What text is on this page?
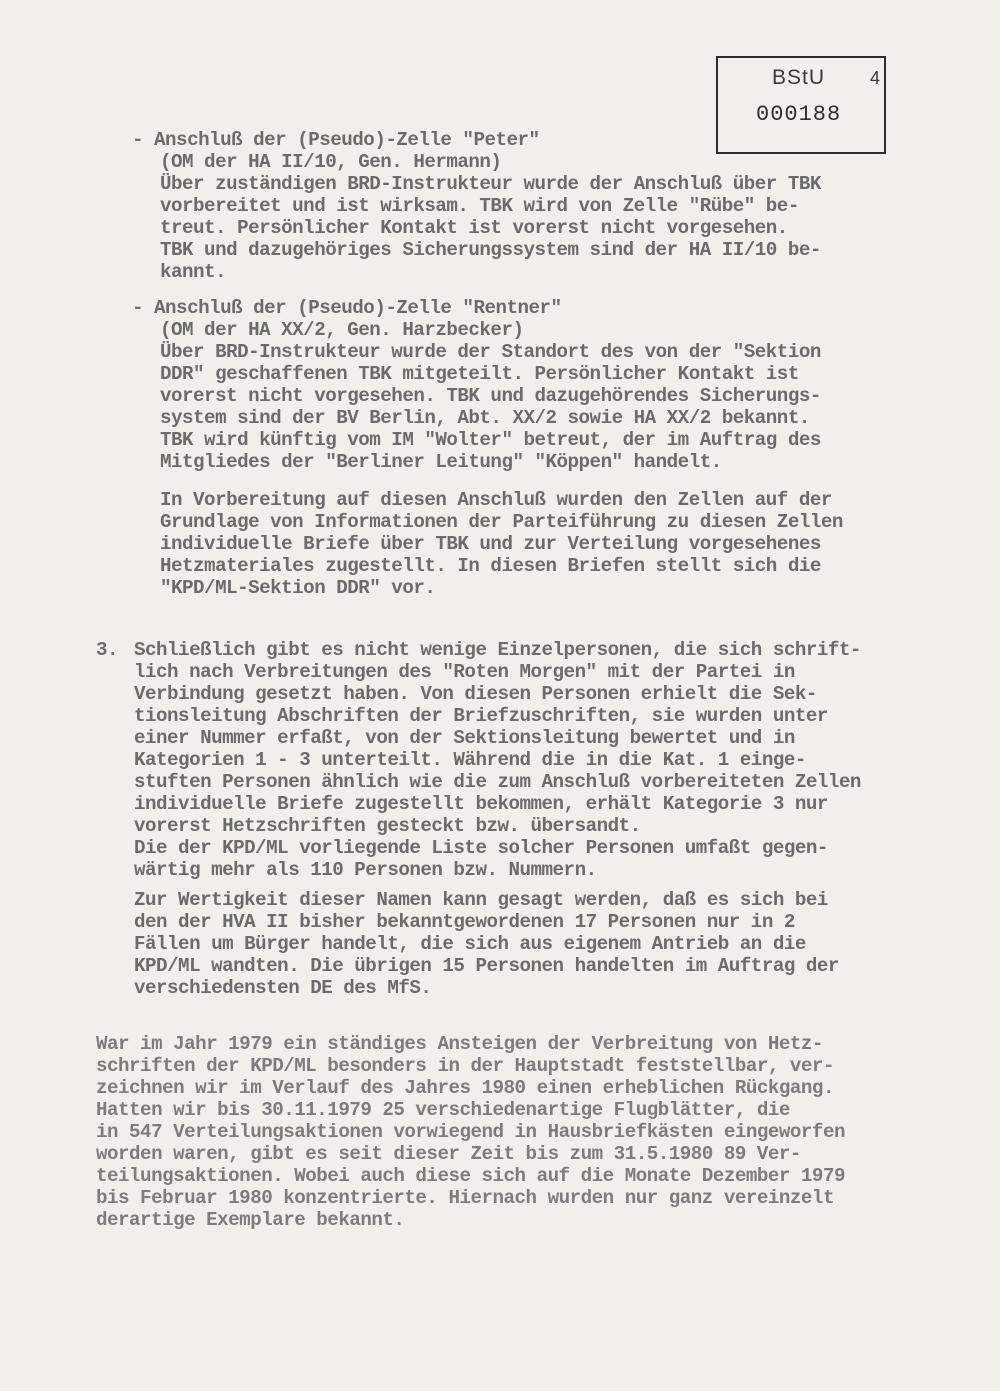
BStU 4
000188
- Anschluß der (Pseudo)-Zelle "Peter"
(OM der HA II/10, Gen. Hermann)
Über zuständigen BRD-Instrukteur wurde der Anschluß über TBK
vorbereitet und ist wirksam. TBK wird von Zelle "Rübe" be-
treut. Persönlicher Kontakt ist vorerst nicht vorgesehen.
TBK und dazugehöriges Sicherungssystem sind der HA II/10 be-
kannt.
- Anschluß der (Pseudo)-Zelle "Rentner"
(OM der HA XX/2, Gen. Harzbecker)
Über BRD-Instrukteur wurde der Standort des von der "Sektion
DDR" geschaffenen TBK mitgeteilt. Persönlicher Kontakt ist
vorerst nicht vorgesehen. TBK und dazugehörendes Sicherungs-
system sind der BV Berlin, Abt. XX/2 sowie HA XX/2 bekannt.
TBK wird künftig vom IM "Wolter" betreut, der im Auftrag des
Mitgliedes der "Berliner Leitung" "Köppen" handelt.
In Vorbereitung auf diesen Anschluß wurden den Zellen auf der
Grundlage von Informationen der Parteiführung zu diesen Zellen
individuelle Briefe über TBK und zur Verteilung vorgesehenes
Hetzmateriales zugestellt. In diesen Briefen stellt sich die
"KPD/ML-Sektion DDR" vor.
3. Schließlich gibt es nicht wenige Einzelpersonen, die sich schrift-
lich nach Verbreitungen des "Roten Morgen" mit der Partei in
Verbindung gesetzt haben. Von diesen Personen erhielt die Sek-
tionsleitung Abschriften der Briefzuschriften, sie wurden unter
einer Nummer erfaßt, von der Sektionsleitung bewertet und in
Kategorien 1 - 3 unterteilt. Während die in die Kat. 1 einge-
stuften Personen ähnlich wie die zum Anschluß vorbereiteten Zellen
individuelle Briefe zugestellt bekommen, erhält Kategorie 3 nur
vorerst Hetzschriften gesteckt bzw. übersandt.
Die der KPD/ML vorliegende Liste solcher Personen umfaßt gegen-
wärtig mehr als 110 Personen bzw. Nummern.
Zur Wertigkeit dieser Namen kann gesagt werden, daß es sich bei
den der HVA II bisher bekanntgewordenen 17 Personen nur in 2
Fällen um Bürger handelt, die sich aus eigenem Antrieb an die
KPD/ML wandten. Die übrigen 15 Personen handelten im Auftrag der
verschiedensten DE des MfS.
War im Jahr 1979 ein ständiges Ansteigen der Verbreitung von Hetz-
schriften der KPD/ML besonders in der Hauptstadt feststellbar, ver-
zeichnen wir im Verlauf des Jahres 1980 einen erheblichen Rückgang.
Hatten wir bis 30.11.1979 25 verschiedenartige Flugblätter, die
in 547 Verteilungsaktionen vorwiegend in Hausbriefkästen eingeworfen
worden waren, gibt es seit dieser Zeit bis zum 31.5.1980 89 Ver-
teilungsaktionen. Wobei auch diese sich auf die Monate Dezember 1979
bis Februar 1980 konzentrierte. Hiernach wurden nur ganz vereinzelt
derartige Exemplare bekannt.
